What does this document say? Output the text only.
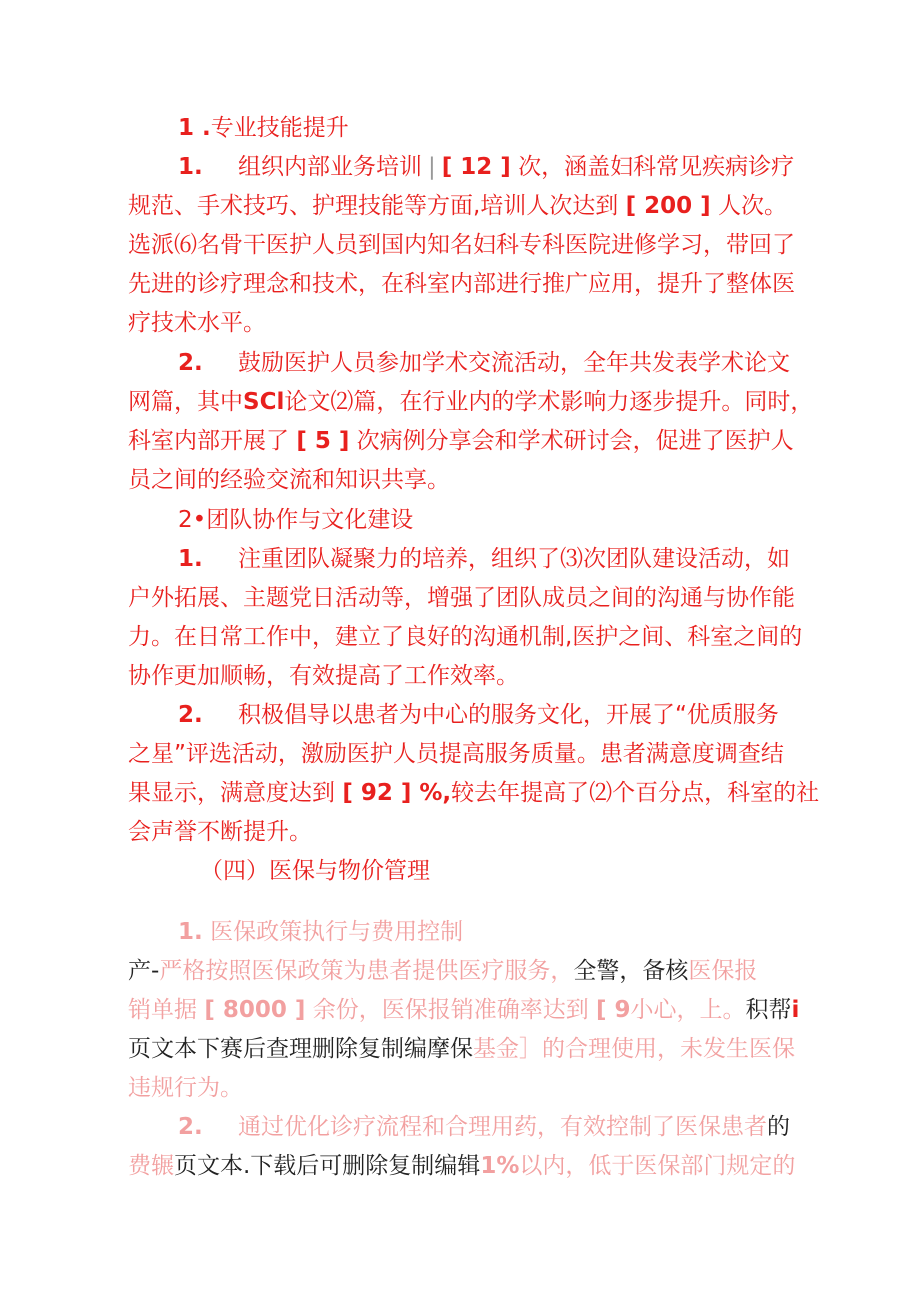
1 .专业技能提升
1. 组织内部业务培训 | [ 12 ] 次，涵盖妇科常见疾病诊疗
规范、手术技巧、护理技能等方面,培训人次达到 [ 200 ] 人次。
选派⑹名骨干医护人员到国内知名妇科专科医院进修学习，带回了
先进的诊疗理念和技术，在科室内部进行推广应用，提升了整体医
疗技术水平。
2. 鼓励医护人员参加学术交流活动，全年共发表学术论文
网篇，其中SCl论文⑵篇，在行业内的学术影响力逐步提升。同时，
科室内部开展了 [ 5 ] 次病例分享会和学术研讨会，促进了医护人
员之间的经验交流和知识共享。
2•团队协作与文化建设
1. 注重团队凝聚力的培养，组织了⑶次团队建设活动，如
户外拓展、主题党日活动等，增强了团队成员之间的沟通与协作能
力。在日常工作中，建立了良好的沟通机制,医护之间、科室之间的
协作更加顺畅，有效提高了工作效率。
2. 积极倡导以患者为中心的服务文化，开展了“优质服务
之星”评选活动，激励医护人员提高服务质量。患者满意度调查结
果显示，满意度达到 [ 92 ] %,较去年提高了⑵个百分点，科室的社
会声誉不断提升。
（四）医保与物价管理
1. 医保政策执行与费用控制
产-严格按照医保政策为患者提供医疗服务，全警，备核医保报
销单据 [ 8000 ] 余份，医保报销准确率达到 [ 9小心，上。积帮i
页文本下赛后查理删除复制编摩保基金］的合理使用，未发生医保
违规行为。
2. 通过优化诊疗流程和合理用药，有效控制了医保患者的
费辗页文本.下载后可删除复制编辑1%以内，低于医保部门规定的
